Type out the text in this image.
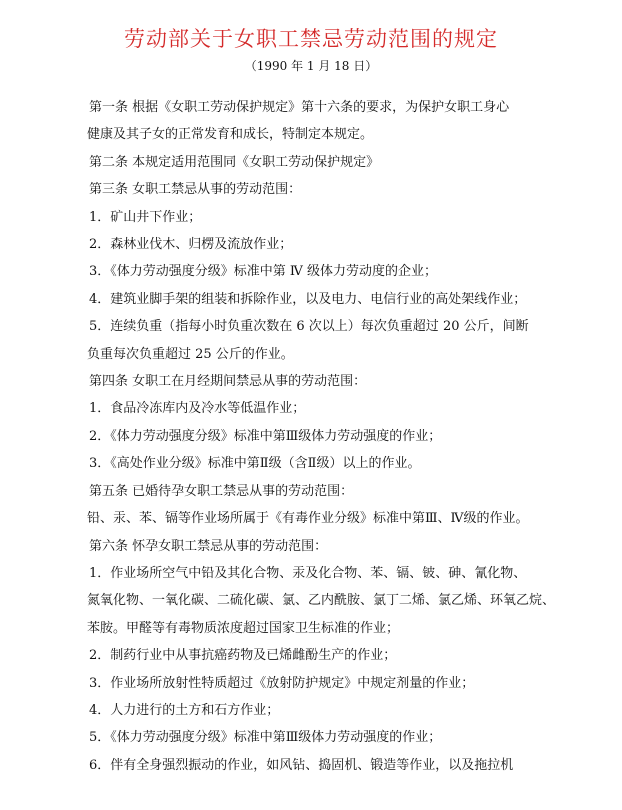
劳动部关于女职工禁忌劳动范围的规定
（1990 年 1 月 18 日）

第一条 根据《女职工劳动保护规定》第十六条的要求，为保护女职工身心

健康及其子女的正常发育和成长，特制定本规定。

第二条 本规定适用范围同《女职工劳动保护规定》

第三条 女职工禁忌从事的劳动范围：

1．矿山井下作业；

2．森林业伐木、归楞及流放作业；

3．《体力劳动强度分级》标准中第 Ⅳ 级体力劳动度的企业；

4．建筑业脚手架的组装和拆除作业，以及电力、电信行业的高处架线作业；

5．连续负重（指每小时负重次数在 6 次以上）每次负重超过 20 公斤，间断

负重每次负重超过 25 公斤的作业。

第四条 女职工在月经期间禁忌从事的劳动范围：

1．食品冷冻库内及冷水等低温作业；

2．《体力劳动强度分级》标准中第Ⅲ级体力劳动强度的作业；

3．《高处作业分级》标准中第Ⅱ级（含Ⅱ级）以上的作业。

第五条 已婚待孕女职工禁忌从事的劳动范围：

铅、汞、苯、镉等作业场所属于《有毒作业分级》标准中第Ⅲ、Ⅳ级的作业。

第六条 怀孕女职工禁忌从事的劳动范围：

1．作业场所空气中铅及其化合物、汞及化合物、苯、镉、铍、砷、氰化物、

氮氧化物、一氧化碳、二硫化碳、氯、乙内酰胺、氯丁二烯、氯乙烯、环氧乙烷、

苯胺。甲醛等有毒物质浓度超过国家卫生标准的作业；

2．制药行业中从事抗癌药物及已烯雌酚生产的作业；

3．作业场所放射性特质超过《放射防护规定》中规定剂量的作业；

4．人力进行的土方和石方作业；

5．《体力劳动强度分级》标准中第Ⅲ级体力劳动强度的作业；

6．伴有全身强烈振动的作业，如风钻、捣固机、锻造等作业，以及拖拉机
